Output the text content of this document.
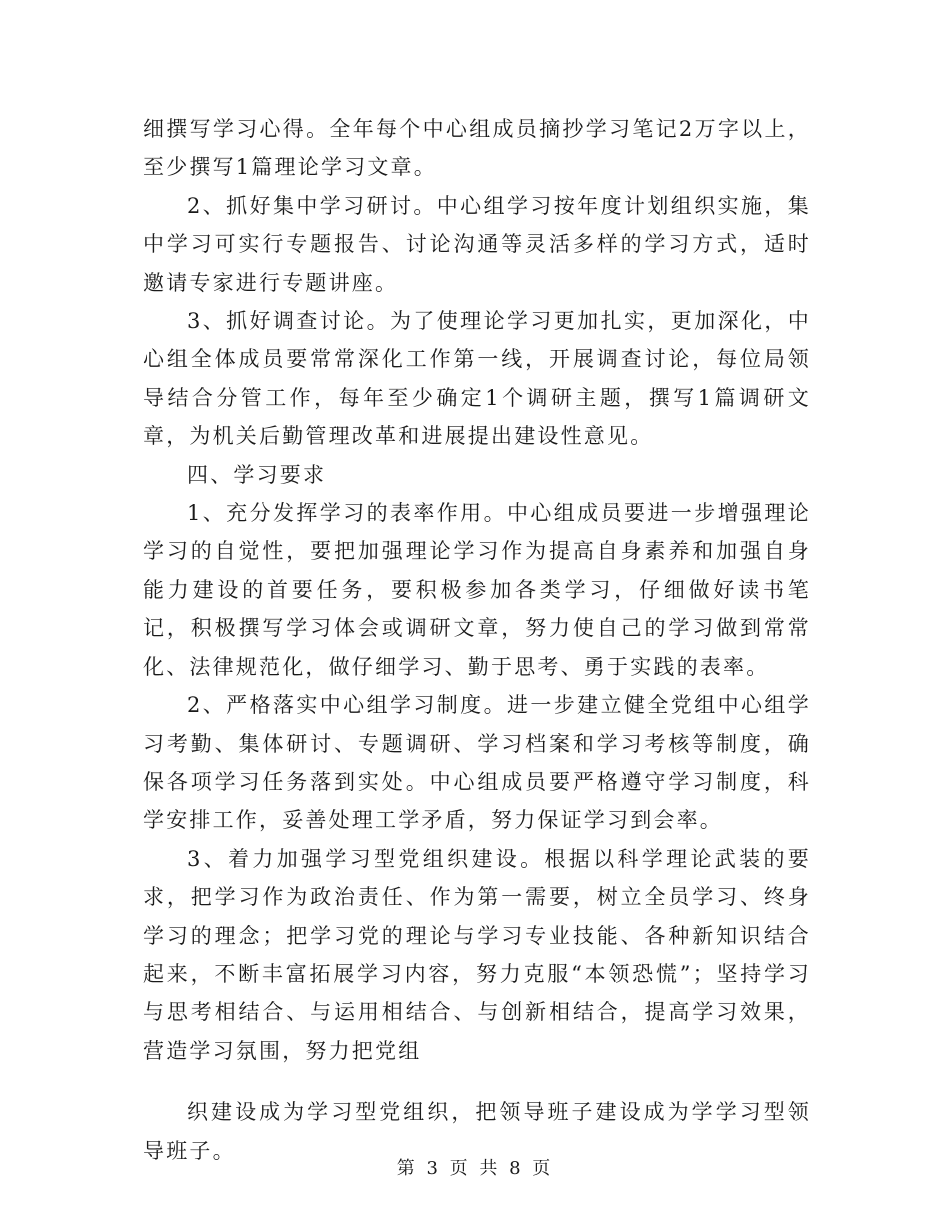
细撰写学习心得。全年每个中心组成员摘抄学习笔记2万字以上，至少撰写1篇理论学习文章。

2、抓好集中学习研讨。中心组学习按年度计划组织实施，集中学习可实行专题报告、讨论沟通等灵活多样的学习方式，适时邀请专家进行专题讲座。

3、抓好调查讨论。为了使理论学习更加扎实，更加深化，中心组全体成员要常常深化工作第一线，开展调查讨论，每位局领导结合分管工作，每年至少确定1个调研主题，撰写1篇调研文章，为机关后勤管理改革和进展提出建设性意见。

四、学习要求

1、充分发挥学习的表率作用。中心组成员要进一步增强理论学习的自觉性，要把加强理论学习作为提高自身素养和加强自身能力建设的首要任务，要积极参加各类学习，仔细做好读书笔记，积极撰写学习体会或调研文章，努力使自己的学习做到常常化、法律规范化，做仔细学习、勤于思考、勇于实践的表率。

2、严格落实中心组学习制度。进一步建立健全党组中心组学习考勤、集体研讨、专题调研、学习档案和学习考核等制度，确保各项学习任务落到实处。中心组成员要严格遵守学习制度，科学安排工作，妥善处理工学矛盾，努力保证学习到会率。

3、着力加强学习型党组织建设。根据以科学理论武装的要求，把学习作为政治责任、作为第一需要，树立全员学习、终身学习的理念；把学习党的理论与学习专业技能、各种新知识结合起来，不断丰富拓展学习内容，努力克服“本领恐慌”；坚持学习与思考相结合、与运用相结合、与创新相结合，提高学习效果，营造学习氛围，努力把党组

织建设成为学习型党组织，把领导班子建设成为学学习型领导班子。

第 3 页 共 8 页
